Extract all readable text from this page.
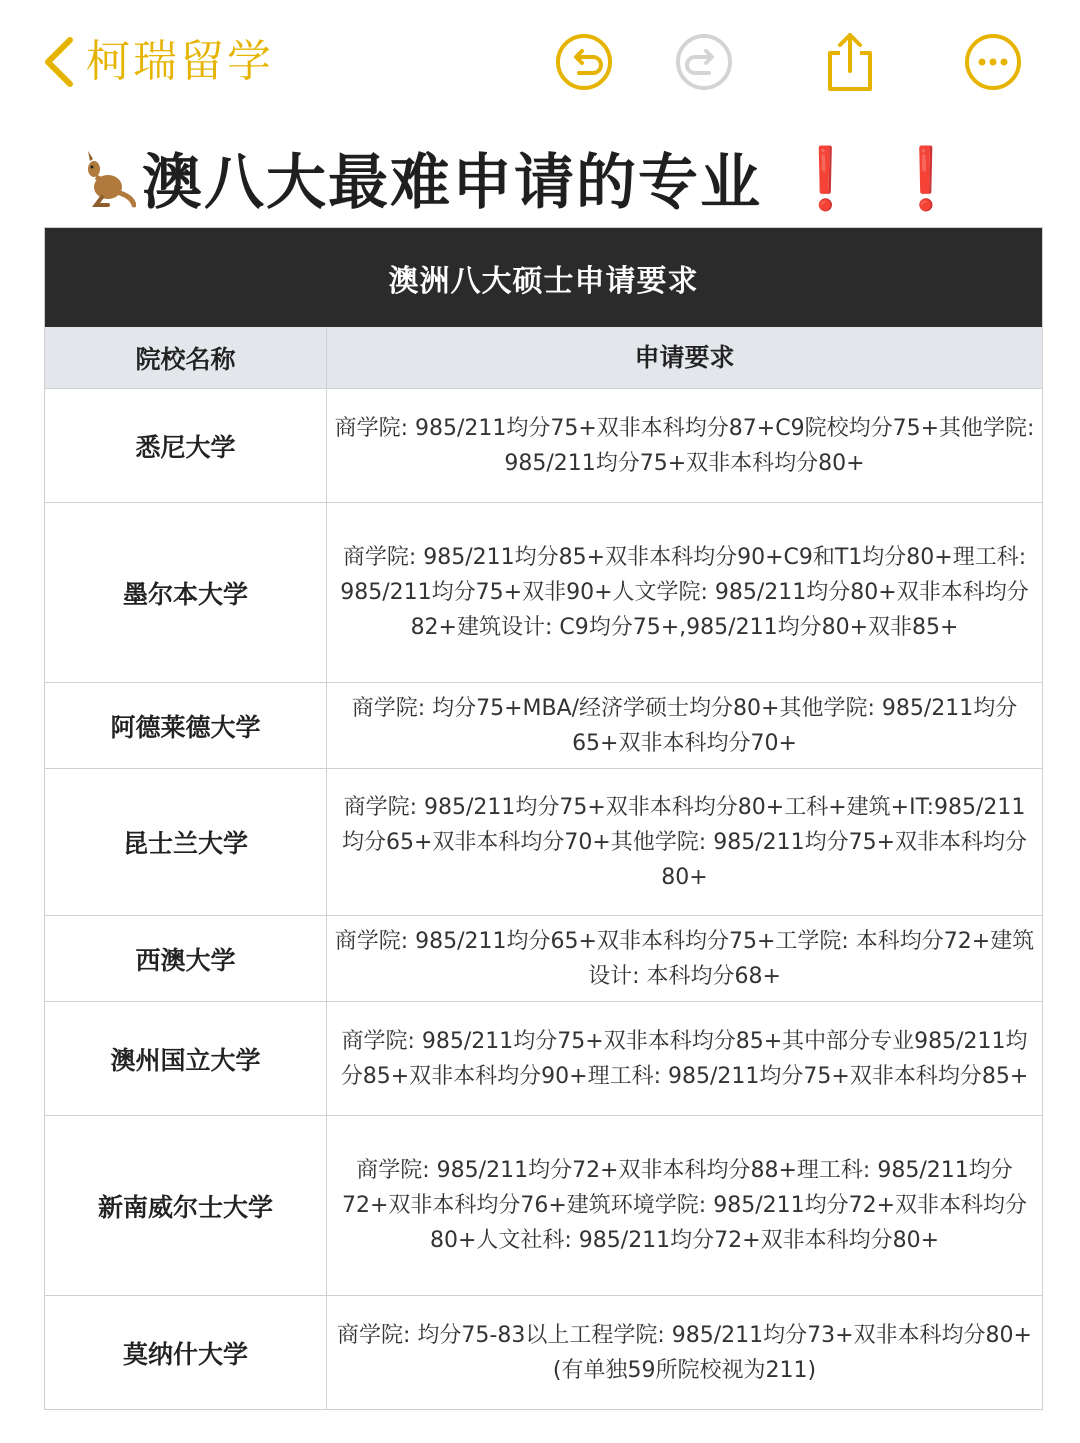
柯瑞留学
澳八大最难申请的专业 ❗ ❗
澳洲八大硕士申请要求
院校名称	申请要求
悉尼大学
商学院: 985/211均分75+双非本科均分87+C9院校均分75+其他学院: 985/211均分75+双非本科均分80+
墨尔本大学
商学院: 985/211均分85+双非本科均分90+C9和T1均分80+理工科: 985/211均分75+双非90+人文学院: 985/211均分80+双非本科均分82+建筑设计: C9均分75+,985/211均分80+双非85+
阿德莱德大学
商学院: 均分75+MBA/经济学硕士均分80+其他学院: 985/211均分65+双非本科均分70+
昆士兰大学
商学院: 985/211均分75+双非本科均分80+工科+建筑+IT:985/211均分65+双非本科均分70+其他学院: 985/211均分75+双非本科均分80+
西澳大学
商学院: 985/211均分65+双非本科均分75+工学院: 本科均分72+建筑设计: 本科均分68+
澳州国立大学
商学院: 985/211均分75+双非本科均分85+其中部分专业985/211均分85+双非本科均分90+理工科: 985/211均分75+双非本科均分85+
新南威尔士大学
商学院: 985/211均分72+双非本科均分88+理工科: 985/211均分72+双非本科均分76+建筑环境学院: 985/211均分72+双非本科均分80+人文社科: 985/211均分72+双非本科均分80+
莫纳什大学
商学院: 均分75-83以上工程学院: 985/211均分73+双非本科均分80+(有单独59所院校视为211)
